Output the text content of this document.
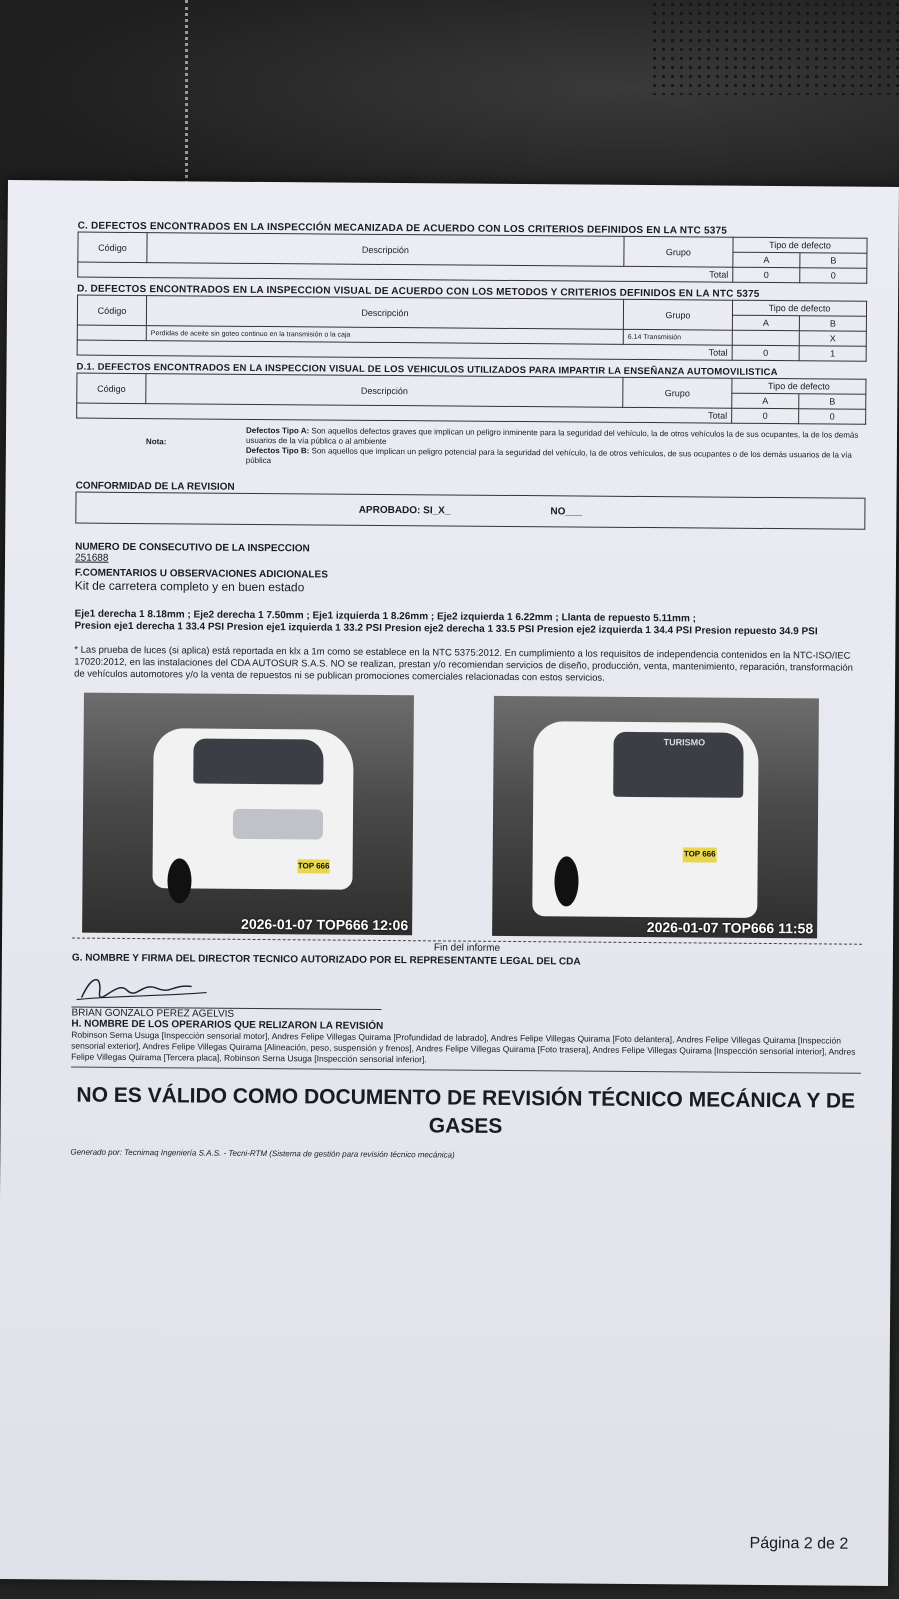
C. DEFECTOS ENCONTRADOS EN LA INSPECCIÓN MECANIZADA DE ACUERDO CON LOS CRITERIOS DEFINIDOS EN LA NTC 5375

Código	Descripción	Grupo	Tipo de defecto	
			A	B
Total			0	0

D. DEFECTOS ENCONTRADOS EN LA INSPECCION VISUAL DE ACUERDO CON LOS METODOS Y CRITERIOS DEFINIDOS EN LA NTC 5375

Código	Descripción	Grupo	Tipo de defecto	
			A	B
	Perdidas de aceite sin goteo continuo en la transmisión o la caja	6.14 Transmisión		X
Total			0	1

D.1. DEFECTOS ENCONTRADOS EN LA INSPECCION VISUAL DE LOS VEHICULOS UTILIZADOS PARA IMPARTIR LA ENSEÑANZA AUTOMOVILISTICA

Código	Descripción	Grupo	Tipo de defecto	
			A	B
Total			0	0
Nota:
Defectos Tipo A: Son aquellos defectos graves que implican un peligro inminente para la seguridad del vehículo, la de otros vehículos la de sus ocupantes, la de los demás usuarios de la vía pública o al ambiente
Defectos Tipo B: Son aquellos que implican un peligro potencial para la seguridad del vehículo, la de otros vehículos, de sus ocupantes o de los demás usuarios de la vía pública
CONFORMIDAD DE LA REVISION
APROBADO: SI_X_	NO___
NUMERO DE CONSECUTIVO DE LA INSPECCION
251688
F.COMENTARIOS U OBSERVACIONES ADICIONALES
Kit de carretera completo y en buen estado
Eje1 derecha 1 8.18mm ; Eje2 derecha 1 7.50mm ; Eje1 izquierda 1 8.26mm ; Eje2 izquierda 1 6.22mm ; Llanta de repuesto 5.11mm ;
Presion eje1 derecha 1 33.4 PSI Presion eje1 izquierda 1 33.2 PSI Presion eje2 derecha 1 33.5 PSI Presion eje2 izquierda 1 34.4 PSI Presion repuesto 34.9 PSI
* Las prueba de luces (si aplica) está reportada en klx a 1m como se establece en la NTC 5375:2012. En cumplimiento a los requisitos de independencia contenidos en la NTC-ISO/IEC 17020:2012, en las instalaciones del CDA AUTOSUR S.A.S. NO se realizan, prestan y/o recomiendan servicios de diseño, producción, venta, mantenimiento, reparación, transformación de vehículos automotores y/o la venta de repuestos ni se publican promociones comerciales relacionadas con estos servicios.
TOP 666
2026-01-07 TOP666 12:06
TURISMO
TOP 666
2026-01-07 TOP666 11:58
Fin del informe
G. NOMBRE Y FIRMA DEL DIRECTOR TECNICO AUTORIZADO POR EL REPRESENTANTE LEGAL DEL CDA
BRIAN GONZALO PEREZ AGELVIS
H. NOMBRE DE LOS OPERARIOS QUE RELIZARON LA REVISIÓN
Robinson Serna Usuga [Inspección sensorial motor], Andres Felipe Villegas Quirama [Profundidad de labrado], Andres Felipe Villegas Quirama [Foto delantera], Andres Felipe Villegas Quirama [Inspección sensorial exterior], Andres Felipe Villegas Quirama [Alineación, peso, suspensión y frenos], Andres Felipe Villegas Quirama [Foto trasera], Andres Felipe Villegas Quirama [Inspección sensorial interior], Andres Felipe Villegas Quirama [Tercera placa], Robinson Serna Usuga [Inspección sensorial inferior].
NO ES VÁLIDO COMO DOCUMENTO DE REVISIÓN TÉCNICO MECÁNICA Y DE GASES
Generado por: Tecnimaq Ingeniería S.A.S. - Tecni-RTM (Sistema de gestión para revisión técnico mecánica)
Página 2 de 2
